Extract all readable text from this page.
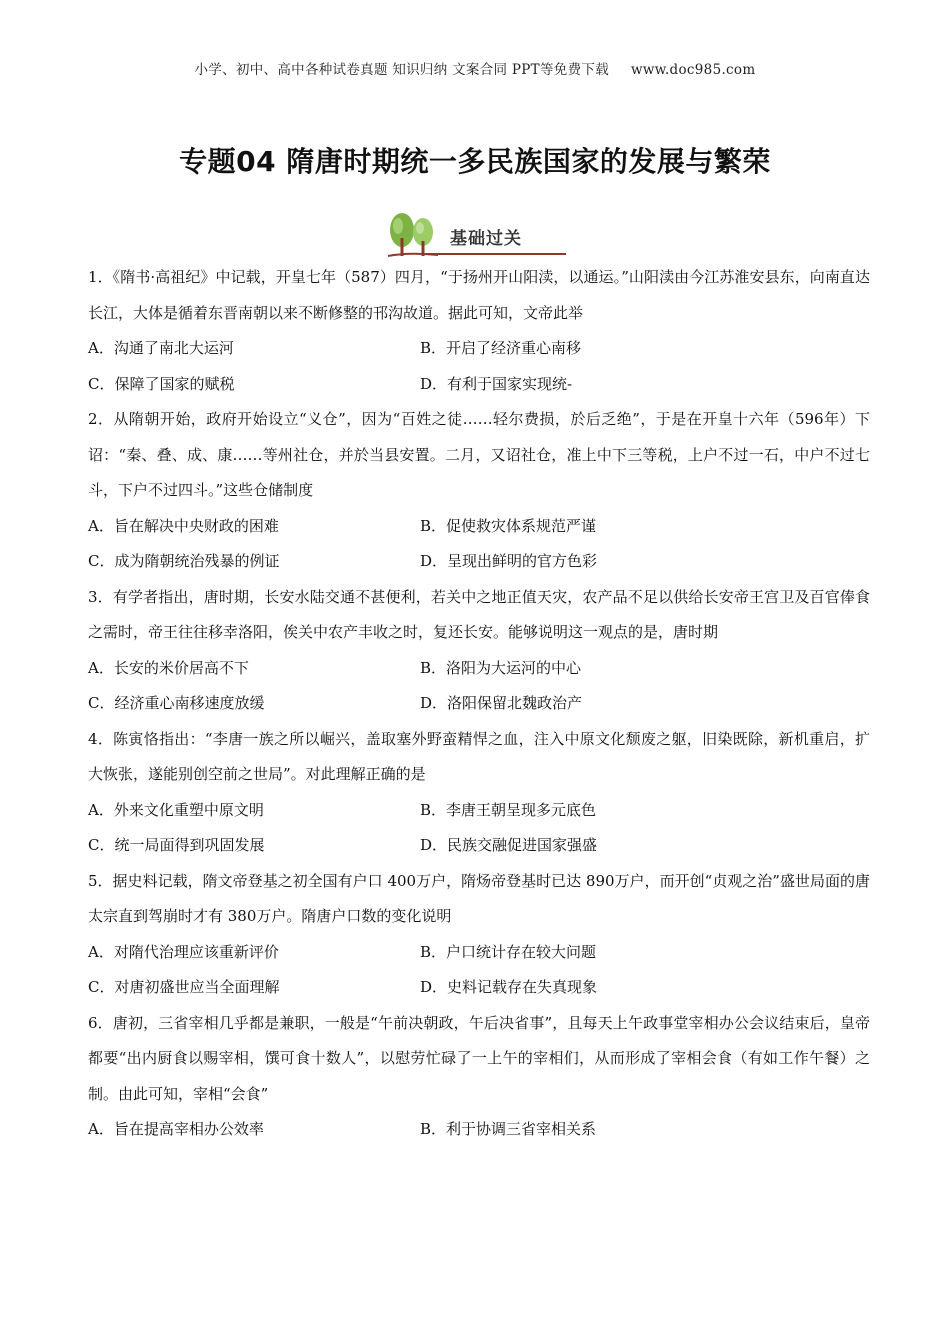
小学、初中、高中各种试卷真题 知识归纳 文案合同 PPT等免费下载 www.doc985.com
专题04 隋唐时期统一多民族国家的发展与繁荣
基础过关

1．《隋书·高祖纪》中记载，开皇七年（587）四月，“于扬州开山阳渎，以通运。”山阳渎由今江苏淮安县东，向南直达长江，大体是循着东晋南朝以来不断修整的邗沟故道。据此可知，文帝此举

A．沟通了南北大运河	B．开启了经济重心南移
C．保障了国家的赋税	D．有利于国家实现统-

2．从隋朝开始，政府开始设立“义仓”，因为“百姓之徒……轻尔费损，於后乏绝”，于是在开皇十六年（596年）下诏：“秦、叠、成、康……等州社仓，并於当县安置。二月，又诏社仓，准上中下三等税，上户不过一石，中户不过七斗，下户不过四斗。”这些仓储制度

A．旨在解决中央财政的困难	B．促使救灾体系规范严谨
C．成为隋朝统治残暴的例证	D．呈现出鲜明的官方色彩

3．有学者指出，唐时期，长安水陆交通不甚便利，若关中之地正值天灾，农产品不足以供给长安帝王宫卫及百官俸食之需时，帝王往往移幸洛阳，俟关中农产丰收之时，复还长安。能够说明这一观点的是，唐时期

A．长安的米价居高不下	B．洛阳为大运河的中心
C．经济重心南移速度放缓	D．洛阳保留北魏政治产

4．陈寅恪指出：“李唐一族之所以崛兴，盖取塞外野蛮精悍之血，注入中原文化颓废之躯，旧染既除，新机重启，扩大恢张，遂能别创空前之世局”。对此理解正确的是

A．外来文化重塑中原文明	B．李唐王朝呈现多元底色
C．统一局面得到巩固发展	D．民族交融促进国家强盛

5．据史料记载，隋文帝登基之初全国有户口 400万户，隋炀帝登基时已达 890万户，而开创“贞观之治”盛世局面的唐太宗直到驾崩时才有 380万户。隋唐户口数的变化说明

A．对隋代治理应该重新评价	B．户口统计存在较大问题
C．对唐初盛世应当全面理解	D．史料记载存在失真现象

6．唐初，三省宰相几乎都是兼职，一般是“午前决朝政，午后决省事”，且每天上午政事堂宰相办公会议结束后，皇帝都要“出内厨食以赐宰相，馔可食十数人”，以慰劳忙碌了一上午的宰相们，从而形成了宰相会食（有如工作午餐）之制。由此可知，宰相“会食”

A．旨在提高宰相办公效率	B．利于协调三省宰相关系
